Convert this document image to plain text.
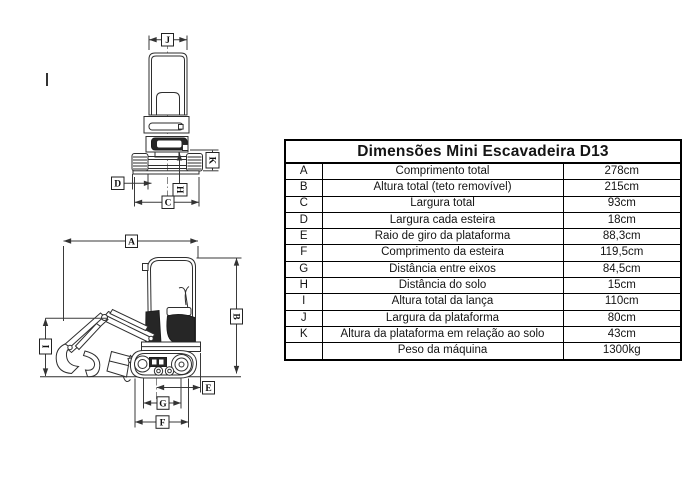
J
D
C
K
H
A
B
I
E
G
F
Dimensões Mini Escavadeira D13		

A	Comprimento total	278cm
B	Altura total (teto removível)	215cm
C	Largura total	93cm
D	Largura cada esteira	18cm
E	Raio de giro da plataforma	88,3cm
F	Comprimento da esteira	119,5cm
G	Distância entre eixos	84,5cm
H	Distância do solo	15cm
I	Altura total da lança	110cm
J	Largura da plataforma	80cm
K	Altura da plataforma em relação ao solo	43cm
	Peso da máquina	1300kg
